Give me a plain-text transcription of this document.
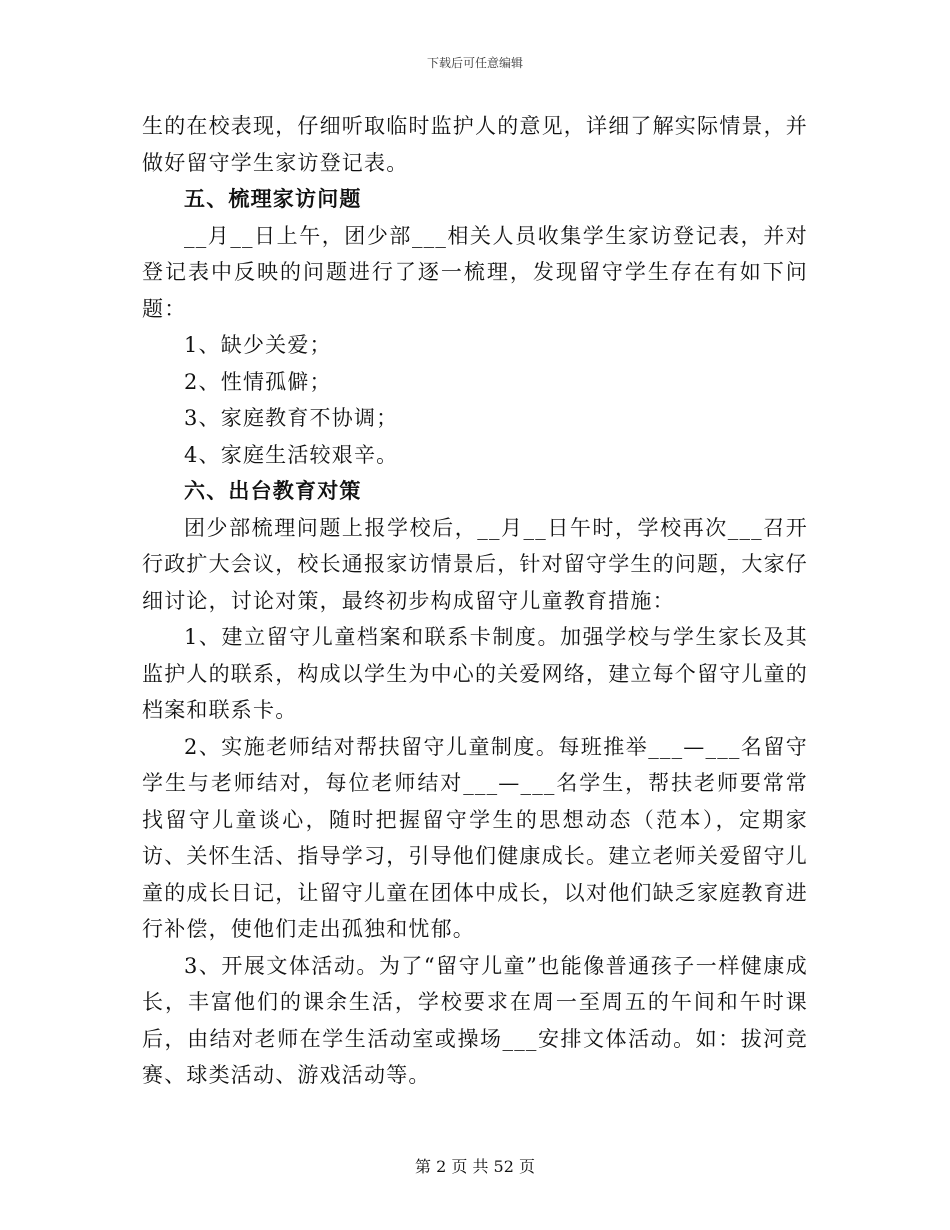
下载后可任意编辑

生的在校表现，仔细听取临时监护人的意见，详细了解实际情景，并做好留守学生家访登记表。

五、梳理家访问题

__月__日上午，团少部___相关人员收集学生家访登记表，并对登记表中反映的问题进行了逐一梳理，发现留守学生存在有如下问题：

1、缺少关爱；

2、性情孤僻；

3、家庭教育不协调；

4、家庭生活较艰辛。

六、出台教育对策

团少部梳理问题上报学校后，__月__日午时，学校再次___召开行政扩大会议，校长通报家访情景后，针对留守学生的问题，大家仔细讨论，讨论对策，最终初步构成留守儿童教育措施：

1、建立留守儿童档案和联系卡制度。加强学校与学生家长及其监护人的联系，构成以学生为中心的关爱网络，建立每个留守儿童的档案和联系卡。

2、实施老师结对帮扶留守儿童制度。每班推举___—___名留守学生与老师结对，每位老师结对___—___名学生，帮扶老师要常常找留守儿童谈心，随时把握留守学生的思想动态（范本），定期家访、关怀生活、指导学习，引导他们健康成长。建立老师关爱留守儿童的成长日记，让留守儿童在团体中成长，以对他们缺乏家庭教育进行补偿，使他们走出孤独和忧郁。

3、开展文体活动。为了“留守儿童”也能像普通孩子一样健康成长，丰富他们的课余生活，学校要求在周一至周五的午间和午时课后，由结对老师在学生活动室或操场___安排文体活动。如：拔河竞赛、球类活动、游戏活动等。

第 2 页 共 52 页
